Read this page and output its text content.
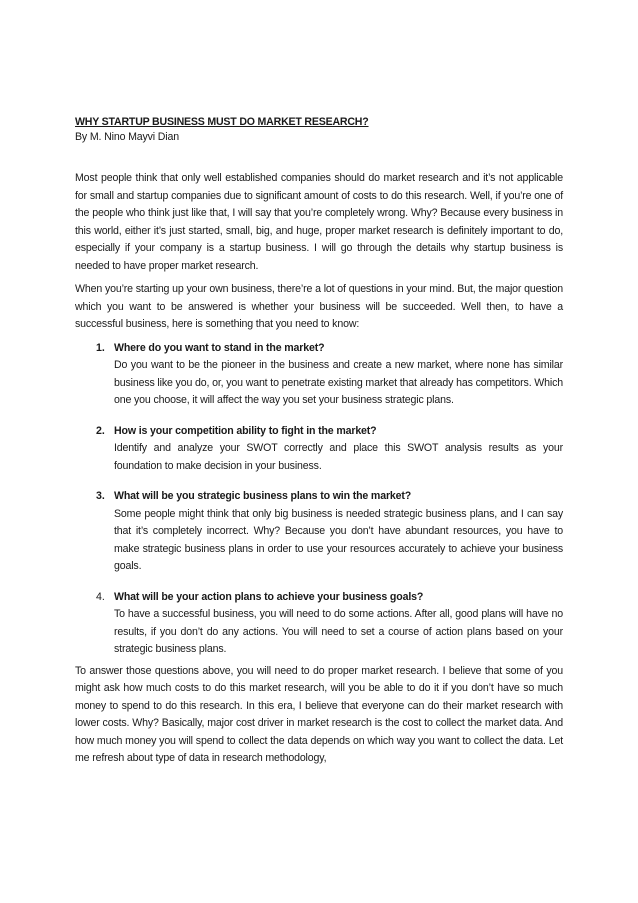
WHY STARTUP BUSINESS MUST DO MARKET RESEARCH?
By M. Nino Mayvi Dian

Most people think that only well established companies should do market research and it’s not applicable for small and startup companies due to significant amount of costs to do this research. Well, if you’re one of the people who think just like that, I will say that you’re completely wrong. Why? Because every business in this world, either it’s just started, small, big, and huge, proper market research is definitely important to do, especially if your company is a startup business. I will go through the details why startup business is needed to have proper market research.

When you’re starting up your own business, there’re a lot of questions in your mind. But, the major question which you want to be answered is whether your business will be succeeded. Well then, to have a successful business, here is something that you need to know:

1. Where do you want to stand in the market?
Do you want to be the pioneer in the business and create a new market, where none has similar business like you do, or, you want to penetrate existing market that already has competitors. Which one you choose, it will affect the way you set your business strategic plans.
2. How is your competition ability to fight in the market?
Identify and analyze your SWOT correctly and place this SWOT analysis results as your foundation to make decision in your business.
3. What will be you strategic business plans to win the market?
Some people might think that only big business is needed strategic business plans, and I can say that it’s completely incorrect. Why? Because you don’t have abundant resources, you have to make strategic business plans in order to use your resources accurately to achieve your business goals.
4. What will be your action plans to achieve your business goals?
To have a successful business, you will need to do some actions. After all, good plans will have no results, if you don’t do any actions. You will need to set a course of action plans based on your strategic business plans.

To answer those questions above, you will need to do proper market research. I believe that some of you might ask how much costs to do this market research, will you be able to do it if you don’t have so much money to spend to do this research. In this era, I believe that everyone can do their market research with lower costs. Why? Basically, major cost driver in market research is the cost to collect the market data. And how much money you will spend to collect the data depends on which way you want to collect the data. Let me refresh about type of data in research methodology,
